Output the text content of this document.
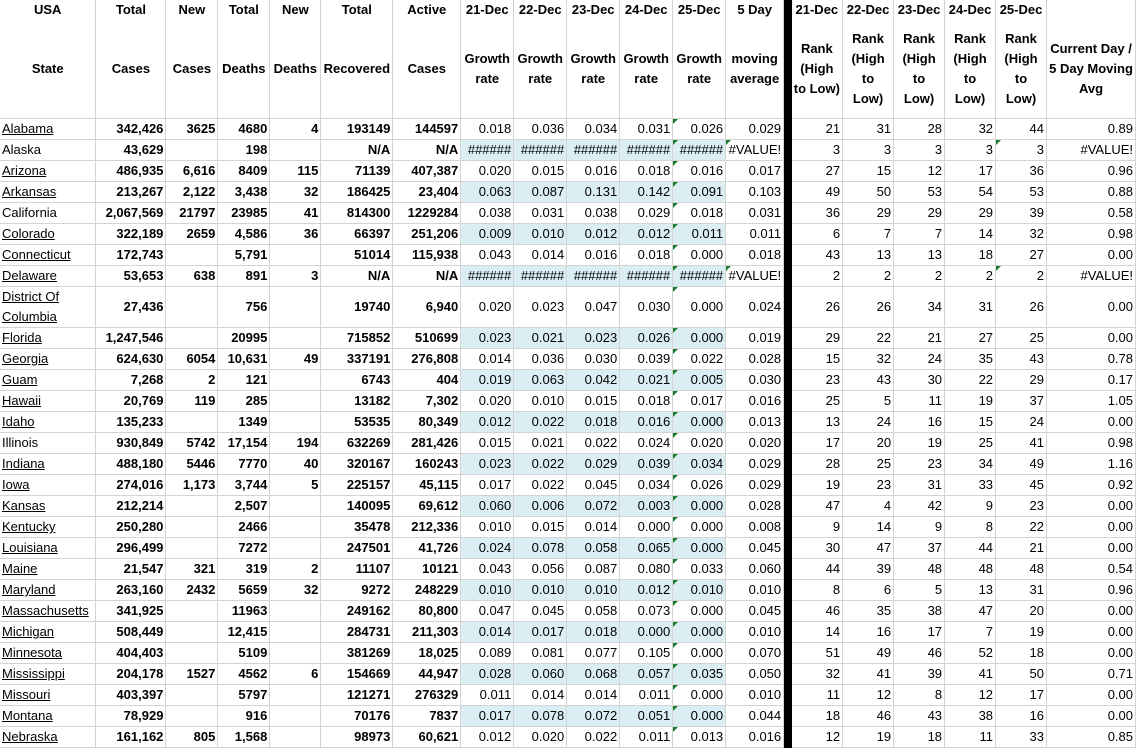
USA	Total	New	Total	New	Total	Active	21-Dec	22-Dec	23-Dec	24-Dec	25-Dec	5 Day		21-Dec	22-Dec	23-Dec	24-Dec	25-Dec	
State	Cases	Cases	Deaths	Deaths	Recovered	Cases	Growth rate	Growth rate	Growth rate	Growth rate	Growth rate	moving average		Rank (High to Low)	Rank (High to Low)	Rank (High to Low)	Rank (High to Low)	Rank (High to Low)	Current Day / 5 Day Moving Avg
Alabama	342,426	3625	4680	4	193149	144597	0.018	0.036	0.034	0.031	0.026	0.029		21	31	28	32	44	0.89
Alaska	43,629		198		N/A	N/A	######	######	######	######	######	#VALUE!		3	3	3	3	3	#VALUE!
Arizona	486,935	6,616	8409	115	71139	407,387	0.020	0.015	0.016	0.018	0.016	0.017		27	15	12	17	36	0.96
Arkansas	213,267	2,122	3,438	32	186425	23,404	0.063	0.087	0.131	0.142	0.091	0.103		49	50	53	54	53	0.88
California	2,067,569	21797	23985	41	814300	1229284	0.038	0.031	0.038	0.029	0.018	0.031		36	29	29	29	39	0.58
Colorado	322,189	2659	4,586	36	66397	251,206	0.009	0.010	0.012	0.012	0.011	0.011		6	7	7	14	32	0.98
Connecticut	172,743		5,791		51014	115,938	0.043	0.014	0.016	0.018	0.000	0.018		43	13	13	18	27	0.00
Delaware	53,653	638	891	3	N/A	N/A	######	######	######	######	######	#VALUE!		2	2	2	2	2	#VALUE!
District Of Columbia	27,436		756		19740	6,940	0.020	0.023	0.047	0.030	0.000	0.024		26	26	34	31	26	0.00
Florida	1,247,546		20995		715852	510699	0.023	0.021	0.023	0.026	0.000	0.019		29	22	21	27	25	0.00
Georgia	624,630	6054	10,631	49	337191	276,808	0.014	0.036	0.030	0.039	0.022	0.028		15	32	24	35	43	0.78
Guam	7,268	2	121		6743	404	0.019	0.063	0.042	0.021	0.005	0.030		23	43	30	22	29	0.17
Hawaii	20,769	119	285		13182	7,302	0.020	0.010	0.015	0.018	0.017	0.016		25	5	11	19	37	1.05
Idaho	135,233		1349		53535	80,349	0.012	0.022	0.018	0.016	0.000	0.013		13	24	16	15	24	0.00
Illinois	930,849	5742	17,154	194	632269	281,426	0.015	0.021	0.022	0.024	0.020	0.020		17	20	19	25	41	0.98
Indiana	488,180	5446	7770	40	320167	160243	0.023	0.022	0.029	0.039	0.034	0.029		28	25	23	34	49	1.16
Iowa	274,016	1,173	3,744	5	225157	45,115	0.017	0.022	0.045	0.034	0.026	0.029		19	23	31	33	45	0.92
Kansas	212,214		2,507		140095	69,612	0.060	0.006	0.072	0.003	0.000	0.028		47	4	42	9	23	0.00
Kentucky	250,280		2466		35478	212,336	0.010	0.015	0.014	0.000	0.000	0.008		9	14	9	8	22	0.00
Louisiana	296,499		7272		247501	41,726	0.024	0.078	0.058	0.065	0.000	0.045		30	47	37	44	21	0.00
Maine	21,547	321	319	2	11107	10121	0.043	0.056	0.087	0.080	0.033	0.060		44	39	48	48	48	0.54
Maryland	263,160	2432	5659	32	9272	248229	0.010	0.010	0.010	0.012	0.010	0.010		8	6	5	13	31	0.96
Massachusetts	341,925		11963		249162	80,800	0.047	0.045	0.058	0.073	0.000	0.045		46	35	38	47	20	0.00
Michigan	508,449		12,415		284731	211,303	0.014	0.017	0.018	0.000	0.000	0.010		14	16	17	7	19	0.00
Minnesota	404,403		5109		381269	18,025	0.089	0.081	0.077	0.105	0.000	0.070		51	49	46	52	18	0.00
Mississippi	204,178	1527	4562	6	154669	44,947	0.028	0.060	0.068	0.057	0.035	0.050		32	41	39	41	50	0.71
Missouri	403,397		5797		121271	276329	0.011	0.014	0.014	0.011	0.000	0.010		11	12	8	12	17	0.00
Montana	78,929		916		70176	7837	0.017	0.078	0.072	0.051	0.000	0.044		18	46	43	38	16	0.00
Nebraska	161,162	805	1,568		98973	60,621	0.012	0.020	0.022	0.011	0.013	0.016		12	19	18	11	33	0.85
